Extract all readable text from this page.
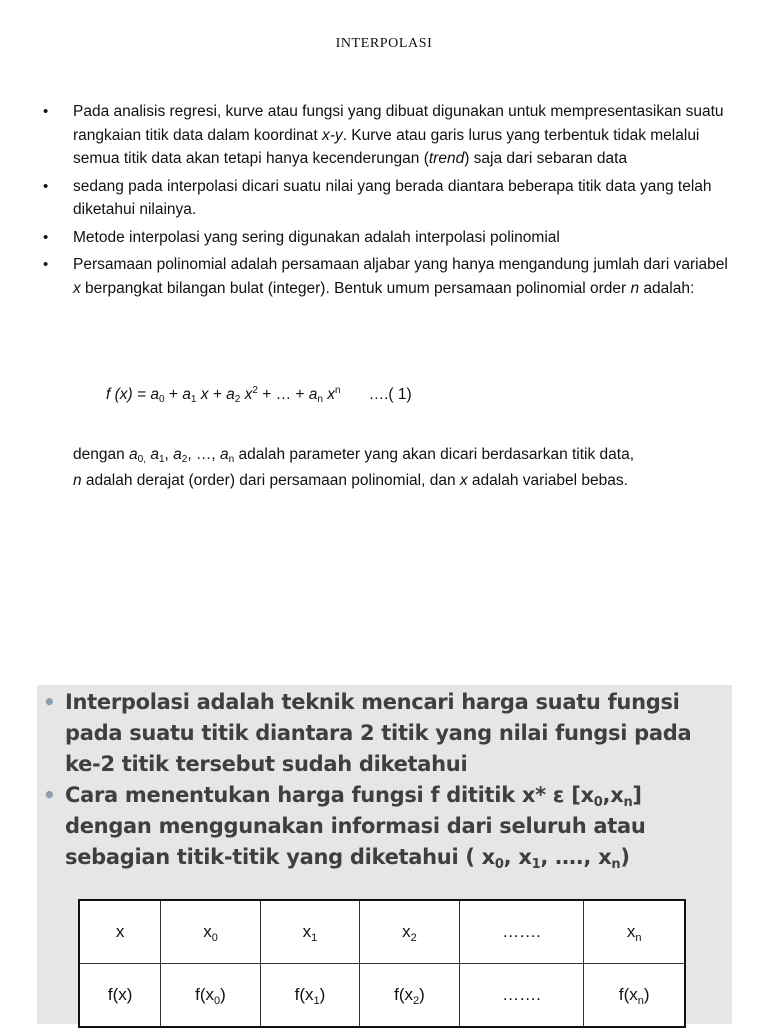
INTERPOLASI
• Pada analisis regresi, kurve atau fungsi yang dibuat digunakan untuk mempresentasikan suatu rangkaian titik data dalam koordinat x-y. Kurve atau garis lurus yang terbentuk tidak melalui semua titik data akan tetapi hanya kecenderungan (trend) saja dari sebaran data
• sedang pada interpolasi dicari suatu nilai yang berada diantara beberapa titik data yang telah diketahui nilainya.
• Metode interpolasi yang sering digunakan adalah interpolasi polinomial
• Persamaan polinomial adalah persamaan aljabar yang hanya mengandung jumlah dari variabel x berpangkat bilangan bulat (integer). Bentuk umum persamaan polinomial order n adalah:
f $(x) = a_0 + a_1$ $x + a_2$ $x^2$ + … + $a_n$ $x^n$ ….( 1)
dengan $a_{0,}$ $a_1$, $a_2$, …, $a_n$ adalah parameter yang akan dicari berdasarkan titik data,
n adalah derajat (order) dari persamaan polinomial, dan x adalah variabel bebas.
• Interpolasi adalah teknik mencari harga suatu fungsi pada suatu titik diantara 2 titik yang nilai fungsi pada ke-2 titik tersebut sudah diketahui
• Cara menentukan harga fungsi f dititik x* ε $[x_0,x_n]$ dengan menggunakan informasi dari seluruh atau sebagian titik-titik yang diketahui ( $x_0$, $x_1$, …., $x_n$)
x	$x_0$	$x_1$	$x_2$	…….	$x_n$
f(x)	$f(x_0)$	$f(x_1)$	$f(x_2)$	…….	$f(x_n)$
